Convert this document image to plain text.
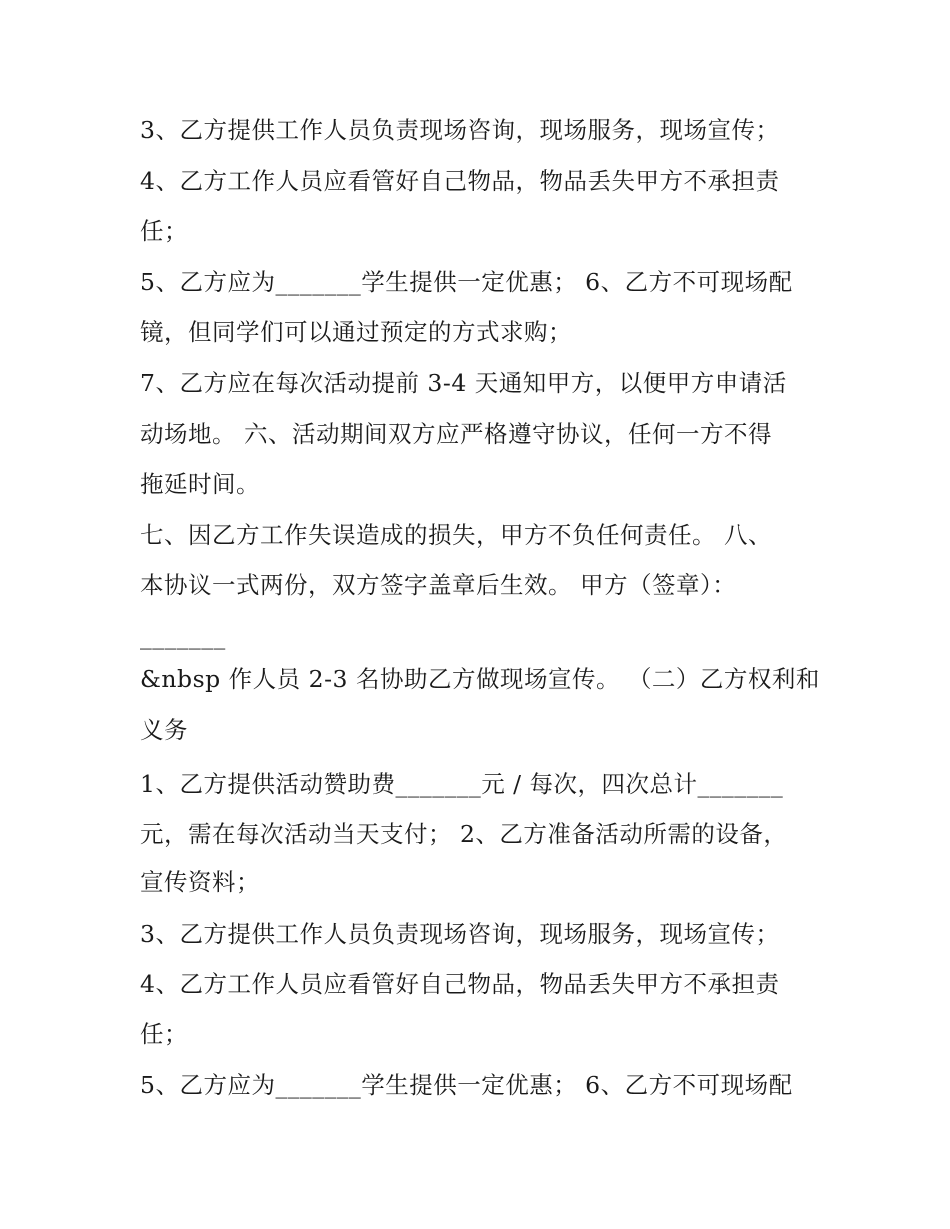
3、乙方提供工作人员负责现场咨询，现场服务，现场宣传；
4、乙方工作人员应看管好自己物品，物品丢失甲方不承担责
任；
5、乙方应为_______学生提供一定优惠； 6、乙方不可现场配
镜，但同学们可以通过预定的方式求购；
7、乙方应在每次活动提前 3-4 天通知甲方，以便甲方申请活
动场地。 六、活动期间双方应严格遵守协议，任何一方不得
拖延时间。
七、因乙方工作失误造成的损失，甲方不负任何责任。 八、
本协议一式两份，双方签字盖章后生效。 甲方（签章）：
_______
&nbsp 作人员 2-3 名协助乙方做现场宣传。 （二）乙方权利和
义务
1、乙方提供活动赞助费_______元 / 每次，四次总计_______
元，需在每次活动当天支付； 2、乙方准备活动所需的设备，
宣传资料；
3、乙方提供工作人员负责现场咨询，现场服务，现场宣传；
4、乙方工作人员应看管好自己物品，物品丢失甲方不承担责
任；
5、乙方应为_______学生提供一定优惠； 6、乙方不可现场配
